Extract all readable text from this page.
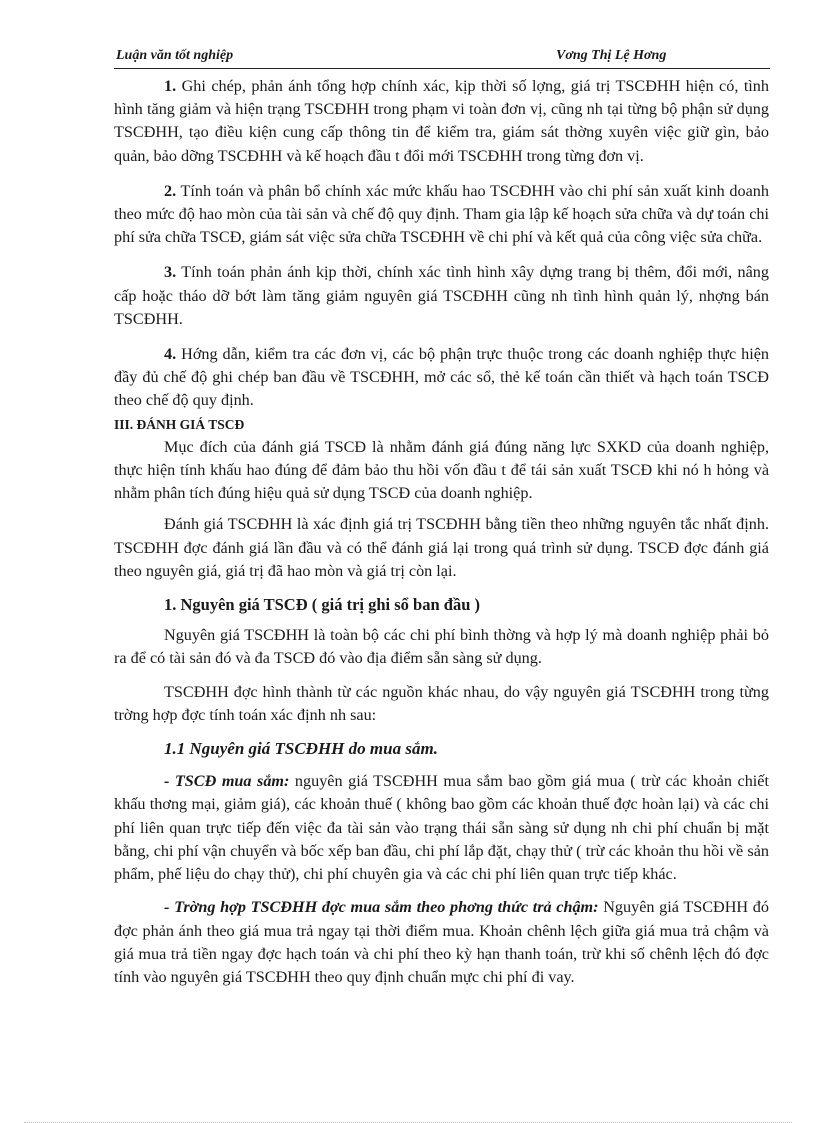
Luận văn tốt nghiệp	Vơng Thị Lệ Hơng

1. Ghi chép, phản ánh tổng hợp chính xác, kịp thời số lợng, giá trị TSCĐHH hiện có, tình hình tăng giảm và hiện trạng TSCĐHH trong phạm vi toàn đơn vị, cũng nh tại từng bộ phận sử dụng TSCĐHH, tạo điều kiện cung cấp thông tin để kiểm tra, giám sát thờng xuyên việc giữ gìn, bảo quản, bảo dỡng TSCĐHH và kế hoạch đầu t đổi mới TSCĐHH trong từng đơn vị.

2. Tính toán và phân bổ chính xác mức khấu hao TSCĐHH vào chi phí sản xuất kinh doanh theo mức độ hao mòn của tài sản và chế độ quy định. Tham gia lập kế hoạch sửa chữa và dự toán chi phí sửa chữa TSCĐ, giám sát việc sửa chữa TSCĐHH về chi phí và kết quả của công việc sửa chữa.

3. Tính toán phản ánh kịp thời, chính xác tình hình xây dựng trang bị thêm, đổi mới, nâng cấp hoặc tháo dỡ bớt làm tăng giảm nguyên giá TSCĐHH cũng nh tình hình quản lý, nhợng bán TSCĐHH.

4. Hớng dẫn, kiểm tra các đơn vị, các bộ phận trực thuộc trong các doanh nghiệp thực hiện đầy đủ chế độ ghi chép ban đầu về TSCĐHH, mở các sổ, thẻ kế toán cần thiết và hạch toán TSCĐ theo chế độ quy định.

III. ĐÁNH GIÁ TSCĐ

Mục đích của đánh giá TSCĐ là nhằm đánh giá đúng năng lực SXKD của doanh nghiệp, thực hiện tính khấu hao đúng để đảm bảo thu hồi vốn đầu t để tái sản xuất TSCĐ khi nó h hỏng và nhằm phân tích đúng hiệu quả sử dụng TSCĐ của doanh nghiệp.

Đánh giá TSCĐHH là xác định giá trị TSCĐHH bằng tiền theo những nguyên tắc nhất định. TSCĐHH đợc đánh giá lần đầu và có thể đánh giá lại trong quá trình sử dụng. TSCĐ đợc đánh giá theo nguyên giá, giá trị đã hao mòn và giá trị còn lại.

1. Nguyên giá TSCĐ ( giá trị ghi sổ ban đầu )

Nguyên giá TSCĐHH là toàn bộ các chi phí bình thờng và hợp lý mà doanh nghiệp phải bỏ ra để có tài sản đó và đa TSCĐ đó vào địa điểm sẵn sàng sử dụng.

TSCĐHH đợc hình thành từ các nguồn khác nhau, do vậy nguyên giá TSCĐHH trong từng trờng hợp đợc tính toán xác định nh sau:

1.1 Nguyên giá TSCĐHH do mua sắm.

- TSCĐ mua sắm: nguyên giá TSCĐHH mua sắm bao gồm giá mua ( trừ các khoản chiết khấu thơng mại, giảm giá), các khoản thuế ( không bao gồm các khoản thuế đợc hoàn lại) và các chi phí liên quan trực tiếp đến việc đa tài sản vào trạng thái sẵn sàng sử dụng nh chi phí chuẩn bị mặt bằng, chi phí vận chuyển và bốc xếp ban đầu, chi phí lắp đặt, chạy thử ( trừ các khoản thu hồi về sản phẩm, phế liệu do chạy thử), chi phí chuyên gia và các chi phí liên quan trực tiếp khác.

- Trờng hợp TSCĐHH đợc mua sắm theo phơng thức trả chậm: Nguyên giá TSCĐHH đó đợc phản ánh theo giá mua trả ngay tại thời điểm mua. Khoản chênh lệch giữa giá mua trả chậm và giá mua trả tiền ngay đợc hạch toán và chi phí theo kỳ hạn thanh toán, trừ khi số chênh lệch đó đợc tính vào nguyên giá TSCĐHH theo quy định chuẩn mực chi phí đi vay.
